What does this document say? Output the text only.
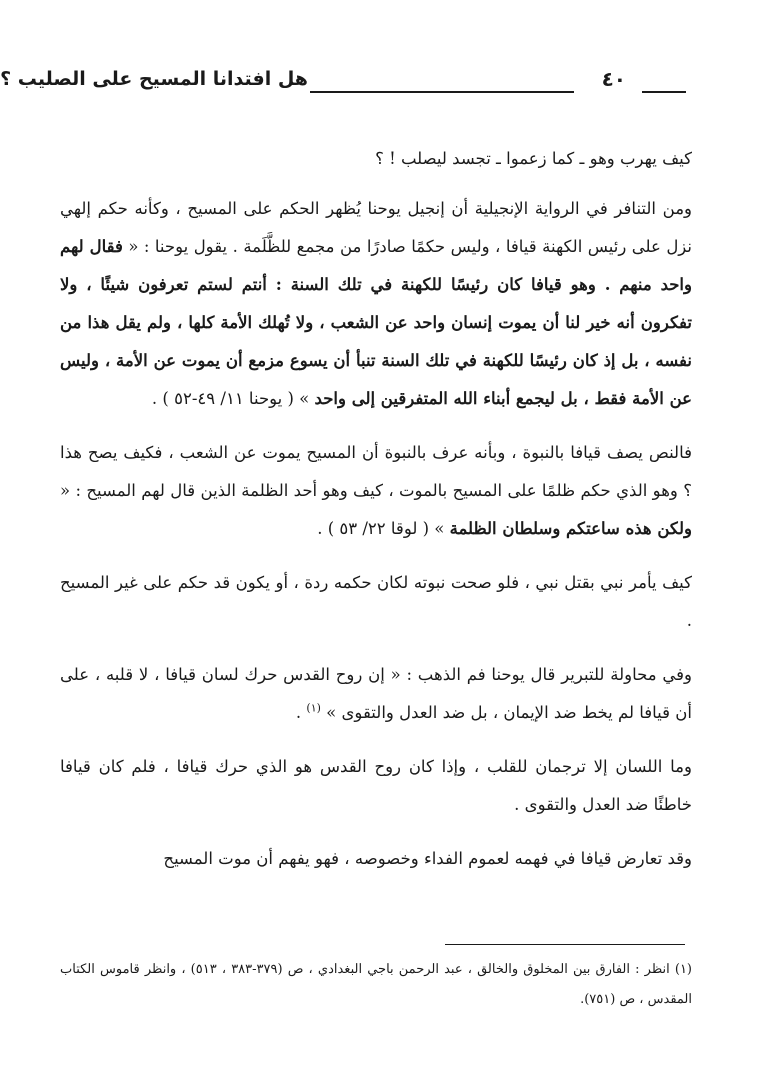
هل افتدانا المسيح على الصليب ؟	٤٠

كيف يهرب وهو ـ كما زعموا ـ تجسد ليصلب ! ؟

ومن التنافر في الرواية الإنجيلية أن إنجيل يوحنا يُظهر الحكم على المسيح ، وكأنه حكم إلهي نزل على رئيس الكهنة قيافا ، وليس حكمًا صادرًا من مجمع للظَّلَمة . يقول يوحنا : « فقال لهم واحد منهم . وهو قيافا كان رئيسًا للكهنة في تلك السنة : أنتم لستم تعرفون شيئًا ، ولا تفكرون أنه خير لنا أن يموت إنسان واحد عن الشعب ، ولا تُهلك الأمة كلها ، ولم يقل هذا من نفسه ، بل إذ كان رئيسًا للكهنة في تلك السنة تنبأ أن يسوع مزمع أن يموت عن الأمة ، وليس عن الأمة فقط ، بل ليجمع أبناء الله المتفرقين إلى واحد » ( يوحنا ١١/ ٤٩-٥٢ ) .

فالنص يصف قيافا بالنبوة ، وبأنه عرف بالنبوة أن المسيح يموت عن الشعب ، فكيف يصح هذا ؟ وهو الذي حكم ظلمًا على المسيح بالموت ، كيف وهو أحد الظلمة الذين قال لهم المسيح : « ولكن هذه ساعتكم وسلطان الظلمة » ( لوقا ٢٢/ ٥٣ ) .

كيف يأمر نبي بقتل نبي ، فلو صحت نبوته لكان حكمه ردة ، أو يكون قد حكم على غير المسيح .

وفي محاولة للتبرير قال يوحنا فم الذهب : « إن روح القدس حرك لسان قيافا ، لا قلبه ، على أن قيافا لم يخط ضد الإيمان ، بل ضد العدل والتقوى » $^{(١)}$ .

وما اللسان إلا ترجمان للقلب ، وإذا كان روح القدس هو الذي حرك قيافا ، فلم كان قيافا خاطئًا ضد العدل والتقوى .

وقد تعارض قيافا في فهمه لعموم الفداء وخصوصه ، فهو يفهم أن موت المسيح

(١) انظر : الفارق بين المخلوق والخالق ، عبد الرحمن باجي البغدادي ، ص (٣٧٩-٣٨٣ ، ٥١٣) ، وانظر قاموس الكتاب المقدس ، ص (٧٥١).
